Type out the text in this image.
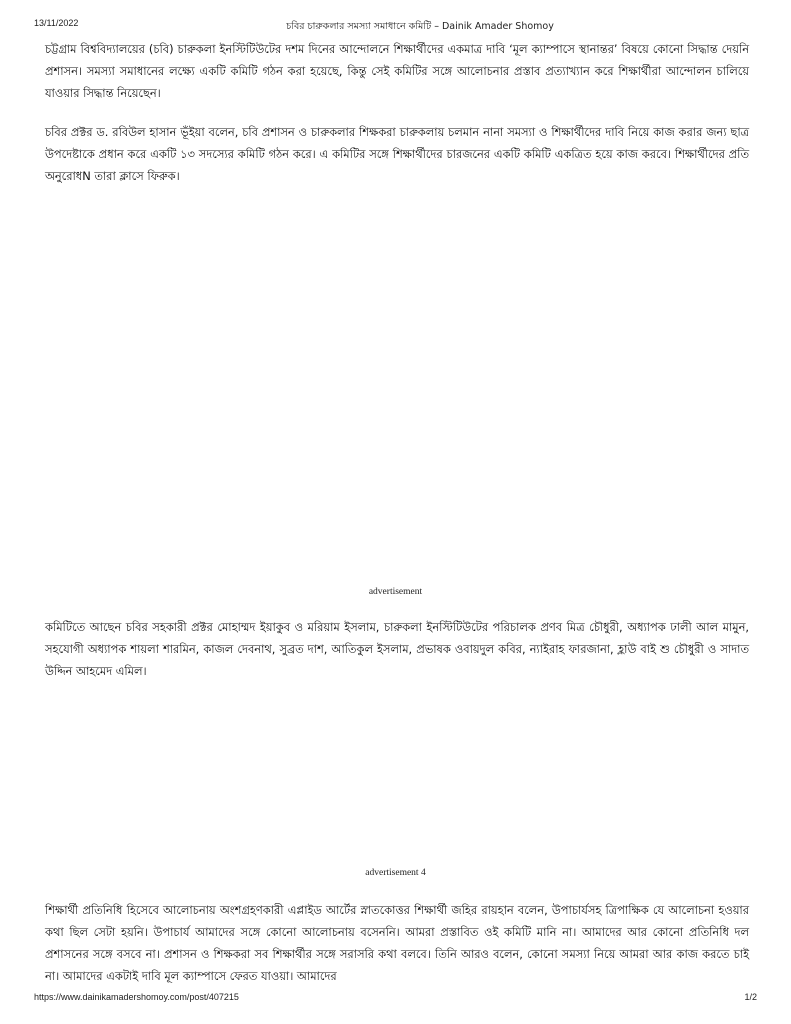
13/11/2022	চবির চারুকলার সমস্যা সমাধানে কমিটি – Dainik Amader Shomoy

চট্টগ্রাম বিশ্ববিদ্যালয়ের (চবি) চারুকলা ইনস্টিটিউটের দশম দিনের আন্দোলনে শিক্ষার্থীদের একমাত্র দাবি ‘মূল ক্যাম্পাসে স্থানান্তর’ বিষয়ে কোনো সিদ্ধান্ত দেয়নি প্রশাসন। সমস্যা সমাধানের লক্ষ্যে একটি কমিটি গঠন করা হয়েছে, কিন্তু সেই কমিটির সঙ্গে আলোচনার প্রস্তাব প্রত্যাখ্যান করে শিক্ষার্থীরা আন্দোলন চালিয়ে যাওয়ার সিদ্ধান্ত নিয়েছেন।

চবির প্রক্টর ড. রবিউল হাসান ভূঁইয়া বলেন, চবি প্রশাসন ও চারুকলার শিক্ষকরা চারুকলায় চলমান নানা সমস্যা ও শিক্ষার্থীদের দাবি নিয়ে কাজ করার জন্য ছাত্র উপদেষ্টাকে প্রধান করে একটি ১৩ সদস্যের কমিটি গঠন করে। এ কমিটির সঙ্গে শিক্ষার্থীদের চারজনের একটি কমিটি একত্রিত হয়ে কাজ করবে। শিক্ষার্থীদের প্রতি অনুরোধN তারা ক্লাসে ফিরুক।

advertisement

কমিটিতে আছেন চবির সহকারী প্রক্টর মোহাম্মদ ইয়াকুব ও মরিয়াম ইসলাম, চারুকলা ইনস্টিটিউটের পরিচালক প্রণব মিত্র চৌধুরী, অধ্যাপক ঢালী আল মামুন, সহযোগী অধ্যাপক শায়লা শারমিন, কাজল দেবনাথ, সুব্রত দাশ, আতিকুল ইসলাম, প্রভাষক ওবায়দুল কবির, ন্যাইরাহ ফারজানা, হ্লাউ বাই শু চৌধুরী ও সাদাত উদ্দিন আহমেদ এমিল।

advertisement 4

শিক্ষার্থী প্রতিনিধি হিসেবে আলোচনায় অংশগ্রহণকারী এপ্লাইড আর্টের স্নাতকোত্তর শিক্ষার্থী জহির রায়হান বলেন, উপাচার্যসহ ত্রিপাক্ষিক যে আলোচনা হওয়ার কথা ছিল সেটা হয়নি। উপাচার্য আমাদের সঙ্গে কোনো আলোচনায় বসেননি। আমরা প্রস্তাবিত ওই কমিটি মানি না। আমাদের আর কোনো প্রতিনিধি দল প্রশাসনের সঙ্গে বসবে না। প্রশাসন ও শিক্ষকরা সব শিক্ষার্থীর সঙ্গে সরাসরি কথা বলবে। তিনি আরও বলেন, কোনো সমস্যা নিয়ে আমরা আর কাজ করতে চাই না। আমাদের একটাই দাবি মূল ক্যাম্পাসে ফেরত যাওয়া। আমাদের

https://www.dainikamadershomoy.com/post/407215	1/2
